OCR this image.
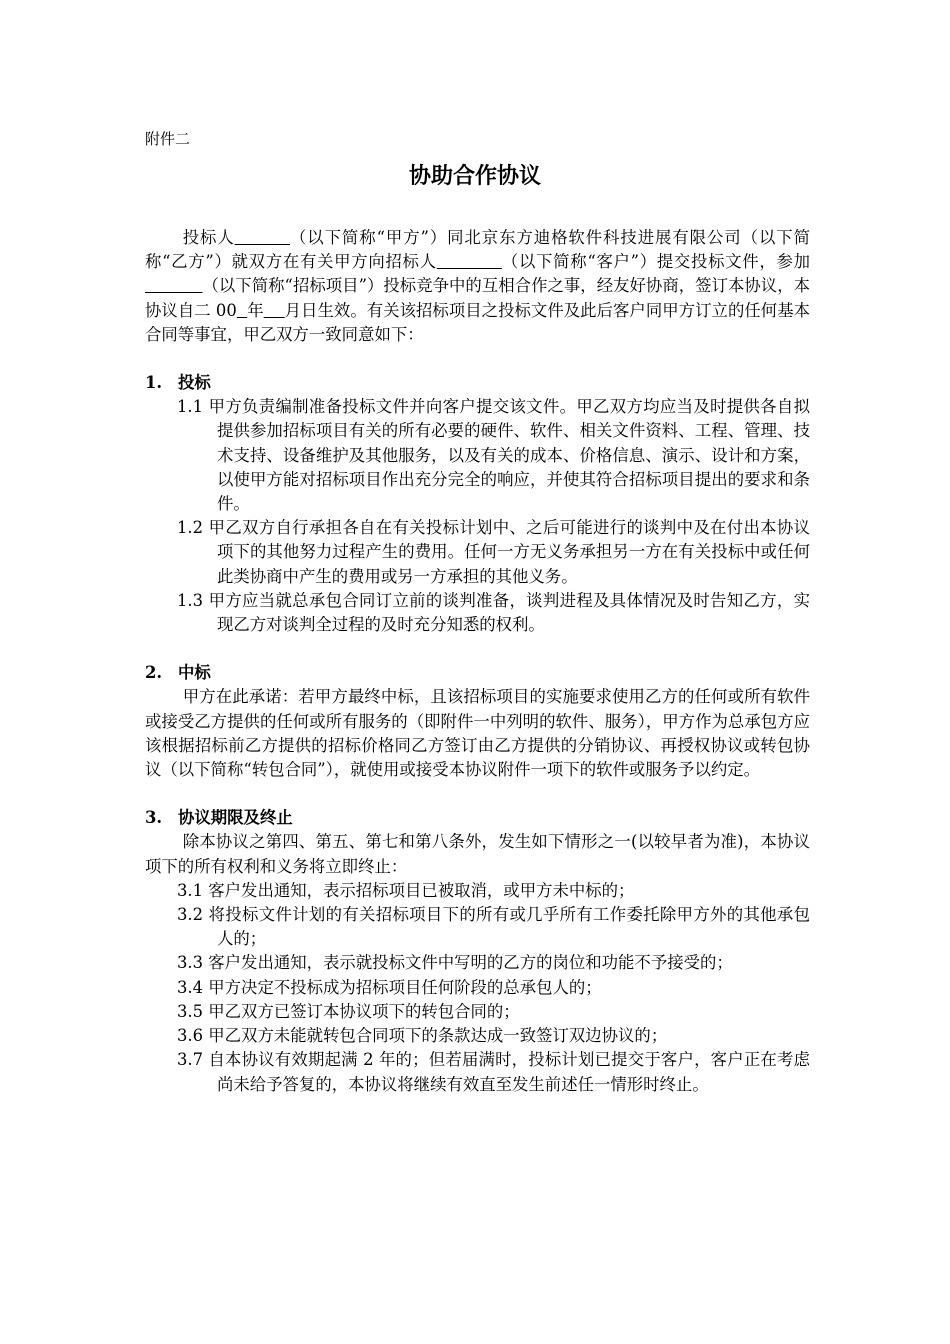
附件二
协助合作协议

投标人	（以下简称“甲方”）同北京东方迪格软件科技进展有限公司（以下简称“乙方”）就双方在有关甲方向招标人	（以下简称“客户”）提交投标文件，参加           （以下简称“招标项目”）投标竞争中的互相合作之事，经友好协商，签订本协议，本协议自二 00 年 月日生效。有关该招标项目之投标文件及此后客户同甲方订立的任何基本合同等事宜，甲乙双方一致同意如下：

1. 投标

1.1 甲方负责编制准备投标文件并向客户提交该文件。甲乙双方均应当及时提供各自拟提供参加招标项目有关的所有必要的硬件、软件、相关文件资料、工程、管理、技术支持、设备维护及其他服务，以及有关的成本、价格信息、演示、设计和方案，以使甲方能对招标项目作出充分完全的响应，并使其符合招标项目提出的要求和条件。

1.2 甲乙双方自行承担各自在有关投标计划中、之后可能进行的谈判中及在付出本协议项下的其他努力过程产生的费用。任何一方无义务承担另一方在有关投标中或任何此类协商中产生的费用或另一方承担的其他义务。

1.3 甲方应当就总承包合同订立前的谈判准备，谈判进程及具体情况及时告知乙方，实现乙方对谈判全过程的及时充分知悉的权利。

2. 中标

甲方在此承诺：若甲方最终中标，且该招标项目的实施要求使用乙方的任何或所有软件或接受乙方提供的任何或所有服务的（即附件一中列明的软件、服务），甲方作为总承包方应该根据招标前乙方提供的招标价格同乙方签订由乙方提供的分销协议、再授权协议或转包协议（以下简称“转包合同”），就使用或接受本协议附件一项下的软件或服务予以约定。

3. 协议期限及终止

除本协议之第四、第五、第七和第八条外，发生如下情形之一(以较早者为准)，本协议项下的所有权利和义务将立即终止：

3.1 客户发出通知，表示招标项目已被取消，或甲方未中标的；

3.2 将投标文件计划的有关招标项目下的所有或几乎所有工作委托除甲方外的其他承包人的；

3.3 客户发出通知，表示就投标文件中写明的乙方的岗位和功能不予接受的；

3.4 甲方决定不投标成为招标项目任何阶段的总承包人的；

3.5 甲乙双方已签订本协议项下的转包合同的；

3.6 甲乙双方未能就转包合同项下的条款达成一致签订双边协议的；

3.7 自本协议有效期起满 2 年的；但若届满时，投标计划已提交于客户，客户正在考虑尚未给予答复的，本协议将继续有效直至发生前述任一情形时终止。
